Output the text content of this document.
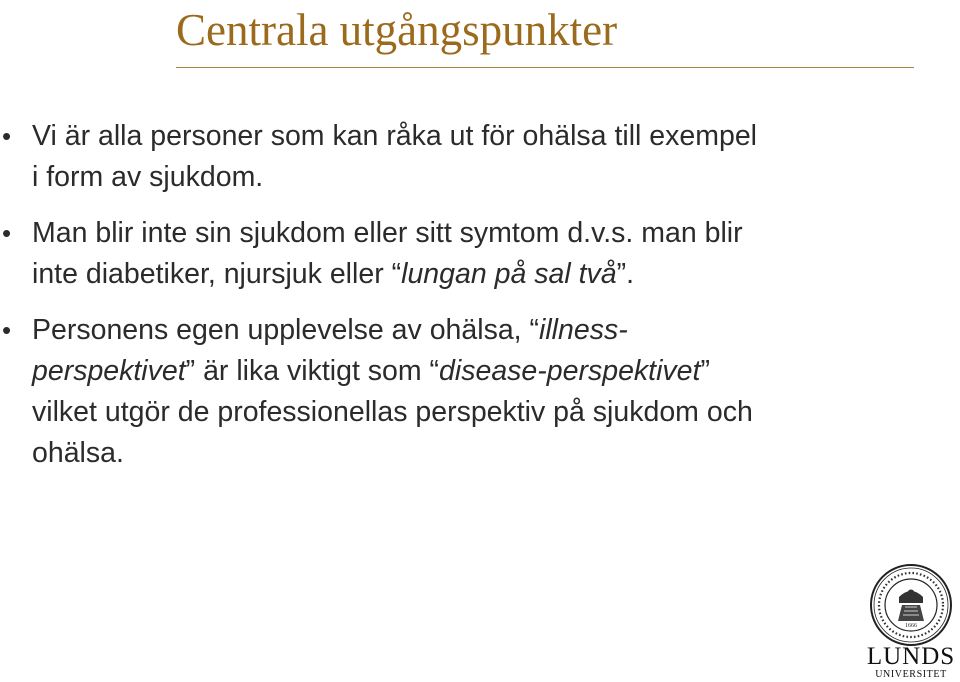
Centrala utgångspunkter
• Vi är alla personer som kan råka ut för ohälsa till exempel
i form av sjukdom.
• Man blir inte sin sjukdom eller sitt symtom d.v.s. man blir
inte diabetiker, njursjuk eller “lungan på sal två”.
• Personens egen upplevelse av ohälsa, “illness-
perspektivet” är lika viktigt som “disease-perspektivet”
vilket utgör de professionellas perspektiv på sjukdom och
ohälsa.
1666
LUNDS
UNIVERSITET
